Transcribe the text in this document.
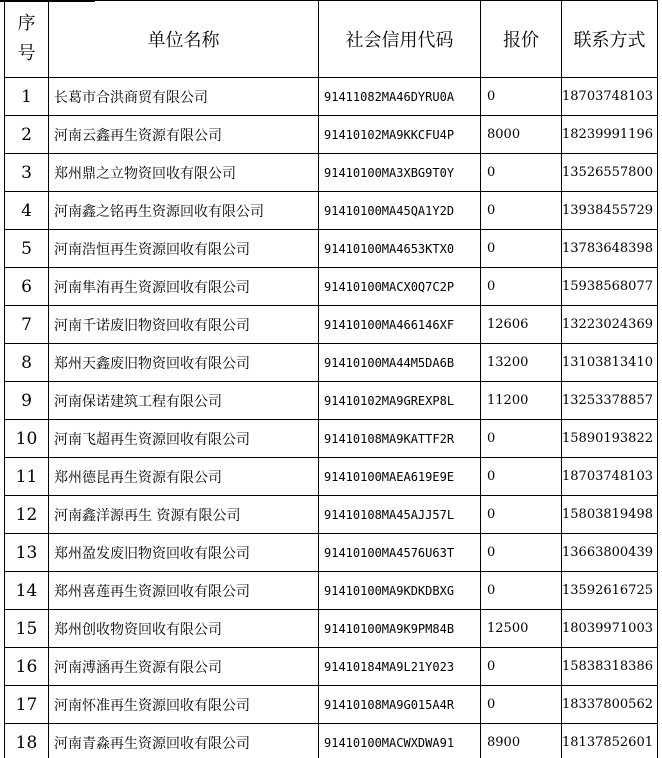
序
号	单位名称	社会信用代码	报价	联系方式
1	长葛市合洪商贸有限公司	91411082MA46DYRU0A	0	18703748103
2	河南云鑫再生资源有限公司	91410102MA9KKCFU4P	8000	18239991196
3	郑州鼎之立物资回收有限公司	91410100MA3XBG9T0Y	0	13526557800
4	河南鑫之铭再生资源回收有限公司	91410100MA45QA1Y2D	0	13938455729
5	河南浩恒再生资源回收有限公司	91410100MA4653KTX0	0	13783648398
6	河南隼洧再生资源回收有限公司	91410100MACX0Q7C2P	0	15938568077
7	河南千诺废旧物资回收有限公司	91410100MA466146XF	12606	13223024369
8	郑州天鑫废旧物资回收有限公司	91410100MA44M5DA6B	13200	13103813410
9	河南保诺建筑工程有限公司	91410102MA9GREXP8L	11200	13253378857
10	河南飞超再生资源回收有限公司	91410108MA9KATTF2R	0	15890193822
11	郑州德昆再生资源有限公司	91410100MAEA619E9E	0	18703748103
12	河南鑫洋源再生 资源有限公司	91410108MA45AJJ57L	0	15803819498
13	郑州盈发废旧物资回收有限公司	91410100MA4576U63T	0	13663800439
14	郑州喜莲再生资源回收有限公司	91410100MA9KDKDBXG	0	13592616725
15	郑州创收物资回收有限公司	91410100MA9K9PM84B	12500	18039971003
16	河南溥涵再生资源有限公司	91410184MA9L21Y023	0	15838318386
17	河南怀准再生资源回收有限公司	91410108MA9G015A4R	0	18337800562
18	河南青淼再生资源回收有限公司	91410100MACWXDWA91	8900	18137852601
